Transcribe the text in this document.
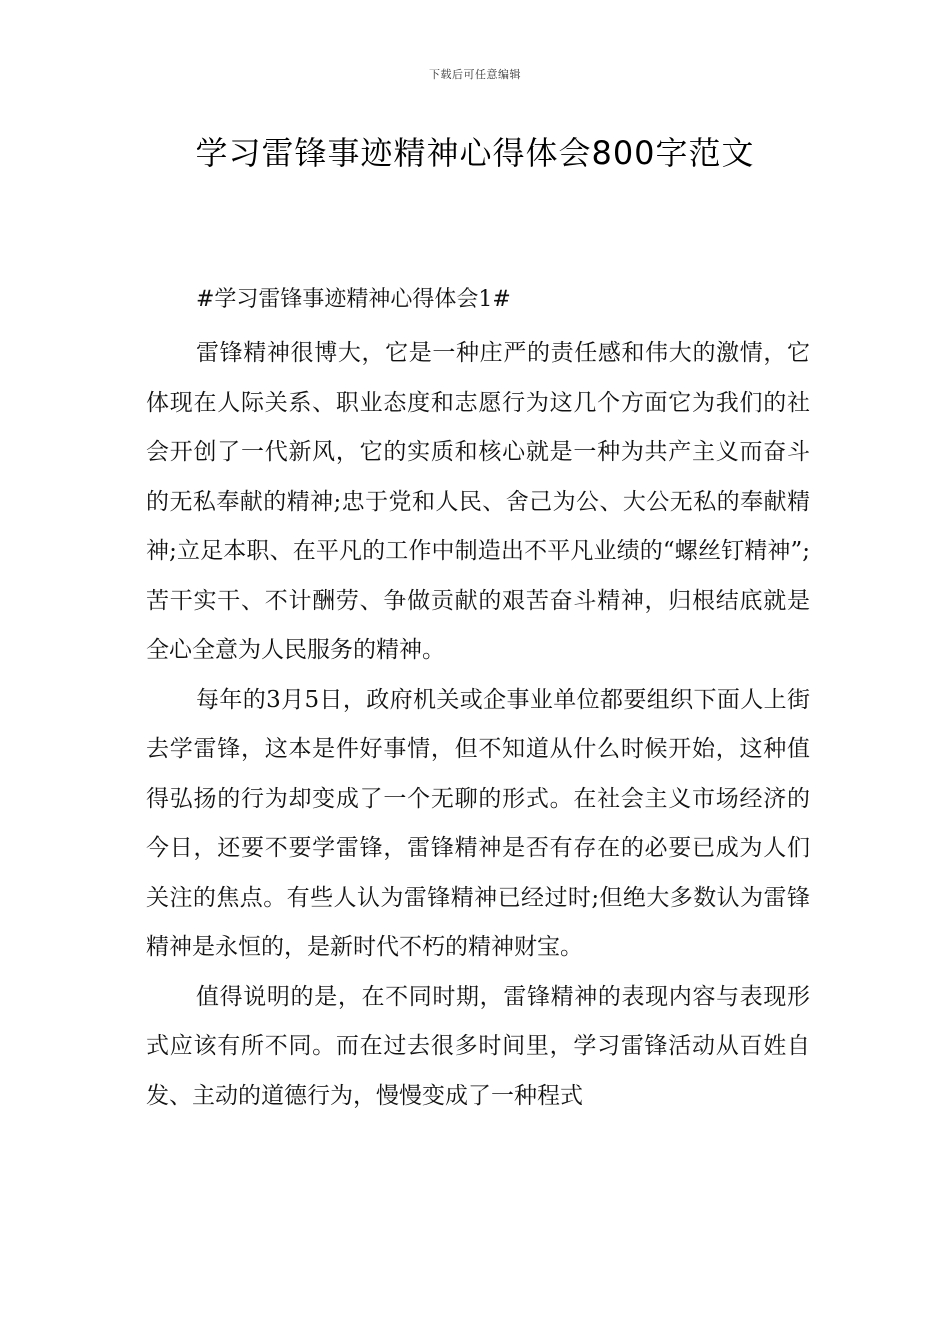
下载后可任意编辑
学习雷锋事迹精神心得体会800字范文

#学习雷锋事迹精神心得体会1#

雷锋精神很博大，它是一种庄严的责任感和伟大的激情，它体现在人际关系、职业态度和志愿行为这几个方面它为我们的社会开创了一代新风，它的实质和核心就是一种为共产主义而奋斗的无私奉献的精神;忠于党和人民、舍己为公、大公无私的奉献精神;立足本职、在平凡的工作中制造出不平凡业绩的“螺丝钉精神”;苦干实干、不计酬劳、争做贡献的艰苦奋斗精神，归根结底就是全心全意为人民服务的精神。

每年的3月5日，政府机关或企事业单位都要组织下面人上街去学雷锋，这本是件好事情，但不知道从什么时候开始，这种值得弘扬的行为却变成了一个无聊的形式。在社会主义市场经济的今日，还要不要学雷锋，雷锋精神是否有存在的必要已成为人们关注的焦点。有些人认为雷锋精神已经过时;但绝大多数认为雷锋精神是永恒的，是新时代不朽的精神财宝。

值得说明的是，在不同时期，雷锋精神的表现内容与表现形式应该有所不同。而在过去很多时间里，学习雷锋活动从百姓自发、主动的道德行为，慢慢变成了一种程式
